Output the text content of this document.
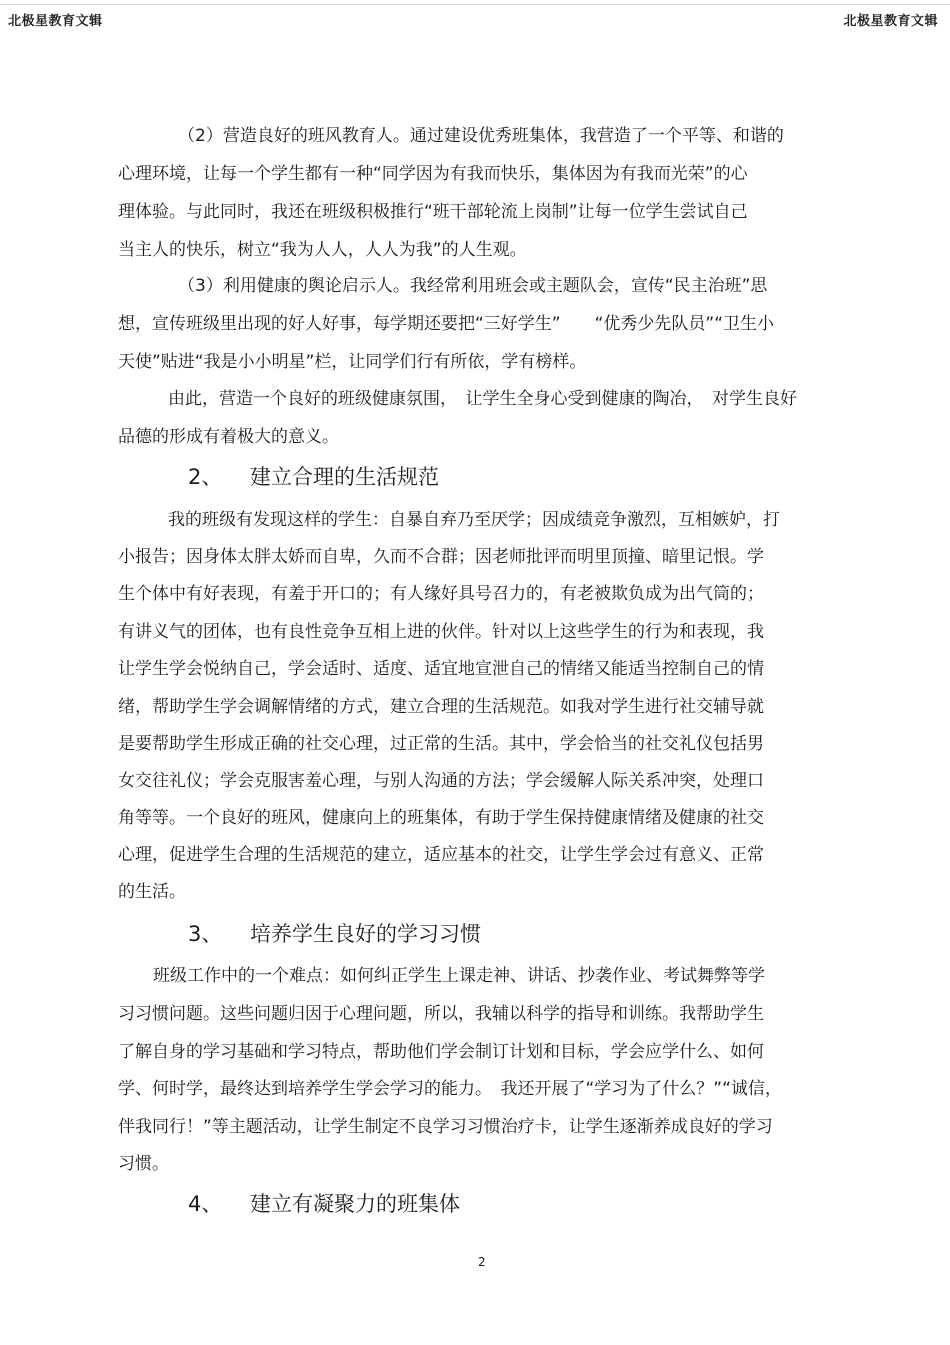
北极星教育文辑	北极星教育文辑
（2）营造良好的班风教育人。通过建设优秀班集体，我营造了一个平等、和谐的
心理环境，让每一个学生都有一种“同学因为有我而快乐，集体因为有我而光荣”的心
理体验。与此同时，我还在班级积极推行“班干部轮流上岗制”让每一位学生尝试自己
当主人的快乐，树立“我为人人，人人为我”的人生观。
（3）利用健康的舆论启示人。我经常利用班会或主题队会，宣传“民主治班”思
想，宣传班级里出现的好人好事，每学期还要把“三好学生”　　“优秀少先队员”“卫生小
天使”贴进“我是小小明星”栏，让同学们行有所依，学有榜样。
由此，营造一个良好的班级健康氛围，　让学生全身心受到健康的陶冶，　对学生良好
品德的形成有着极大的意义。
2、 建立合理的生活规范
我的班级有发现这样的学生：自暴自弃乃至厌学；因成绩竞争激烈，互相嫉妒，打
小报告；因身体太胖太娇而自卑，久而不合群；因老师批评而明里顶撞、暗里记恨。学
生个体中有好表现，有羞于开口的；有人缘好具号召力的，有老被欺负成为出气筒的；
有讲义气的团体，也有良性竞争互相上进的伙伴。针对以上这些学生的行为和表现，我
让学生学会悦纳自己，学会适时、适度、适宜地宣泄自己的情绪又能适当控制自己的情
绪，帮助学生学会调解情绪的方式，建立合理的生活规范。如我对学生进行社交辅导就
是要帮助学生形成正确的社交心理，过正常的生活。其中，学会恰当的社交礼仪包括男
女交往礼仪；学会克服害羞心理，与别人沟通的方法；学会缓解人际关系冲突，处理口
角等等。一个良好的班风，健康向上的班集体，有助于学生保持健康情绪及健康的社交
心理，促进学生合理的生活规范的建立，适应基本的社交，让学生学会过有意义、正常
的生活。
3、 培养学生良好的学习习惯
班级工作中的一个难点：如何纠正学生上课走神、讲话、抄袭作业、考试舞弊等学
习习惯问题。这些问题归因于心理问题，所以，我辅以科学的指导和训练。我帮助学生
了解自身的学习基础和学习特点，帮助他们学会制订计划和目标，学会应学什么、如何
学、何时学，最终达到培养学生学会学习的能力。　我还开展了“学习为了什么？”“诚信，
伴我同行！”等主题活动，让学生制定不良学习习惯治疗卡，让学生逐渐养成良好的学习
习惯。
4、 建立有凝聚力的班集体
2
